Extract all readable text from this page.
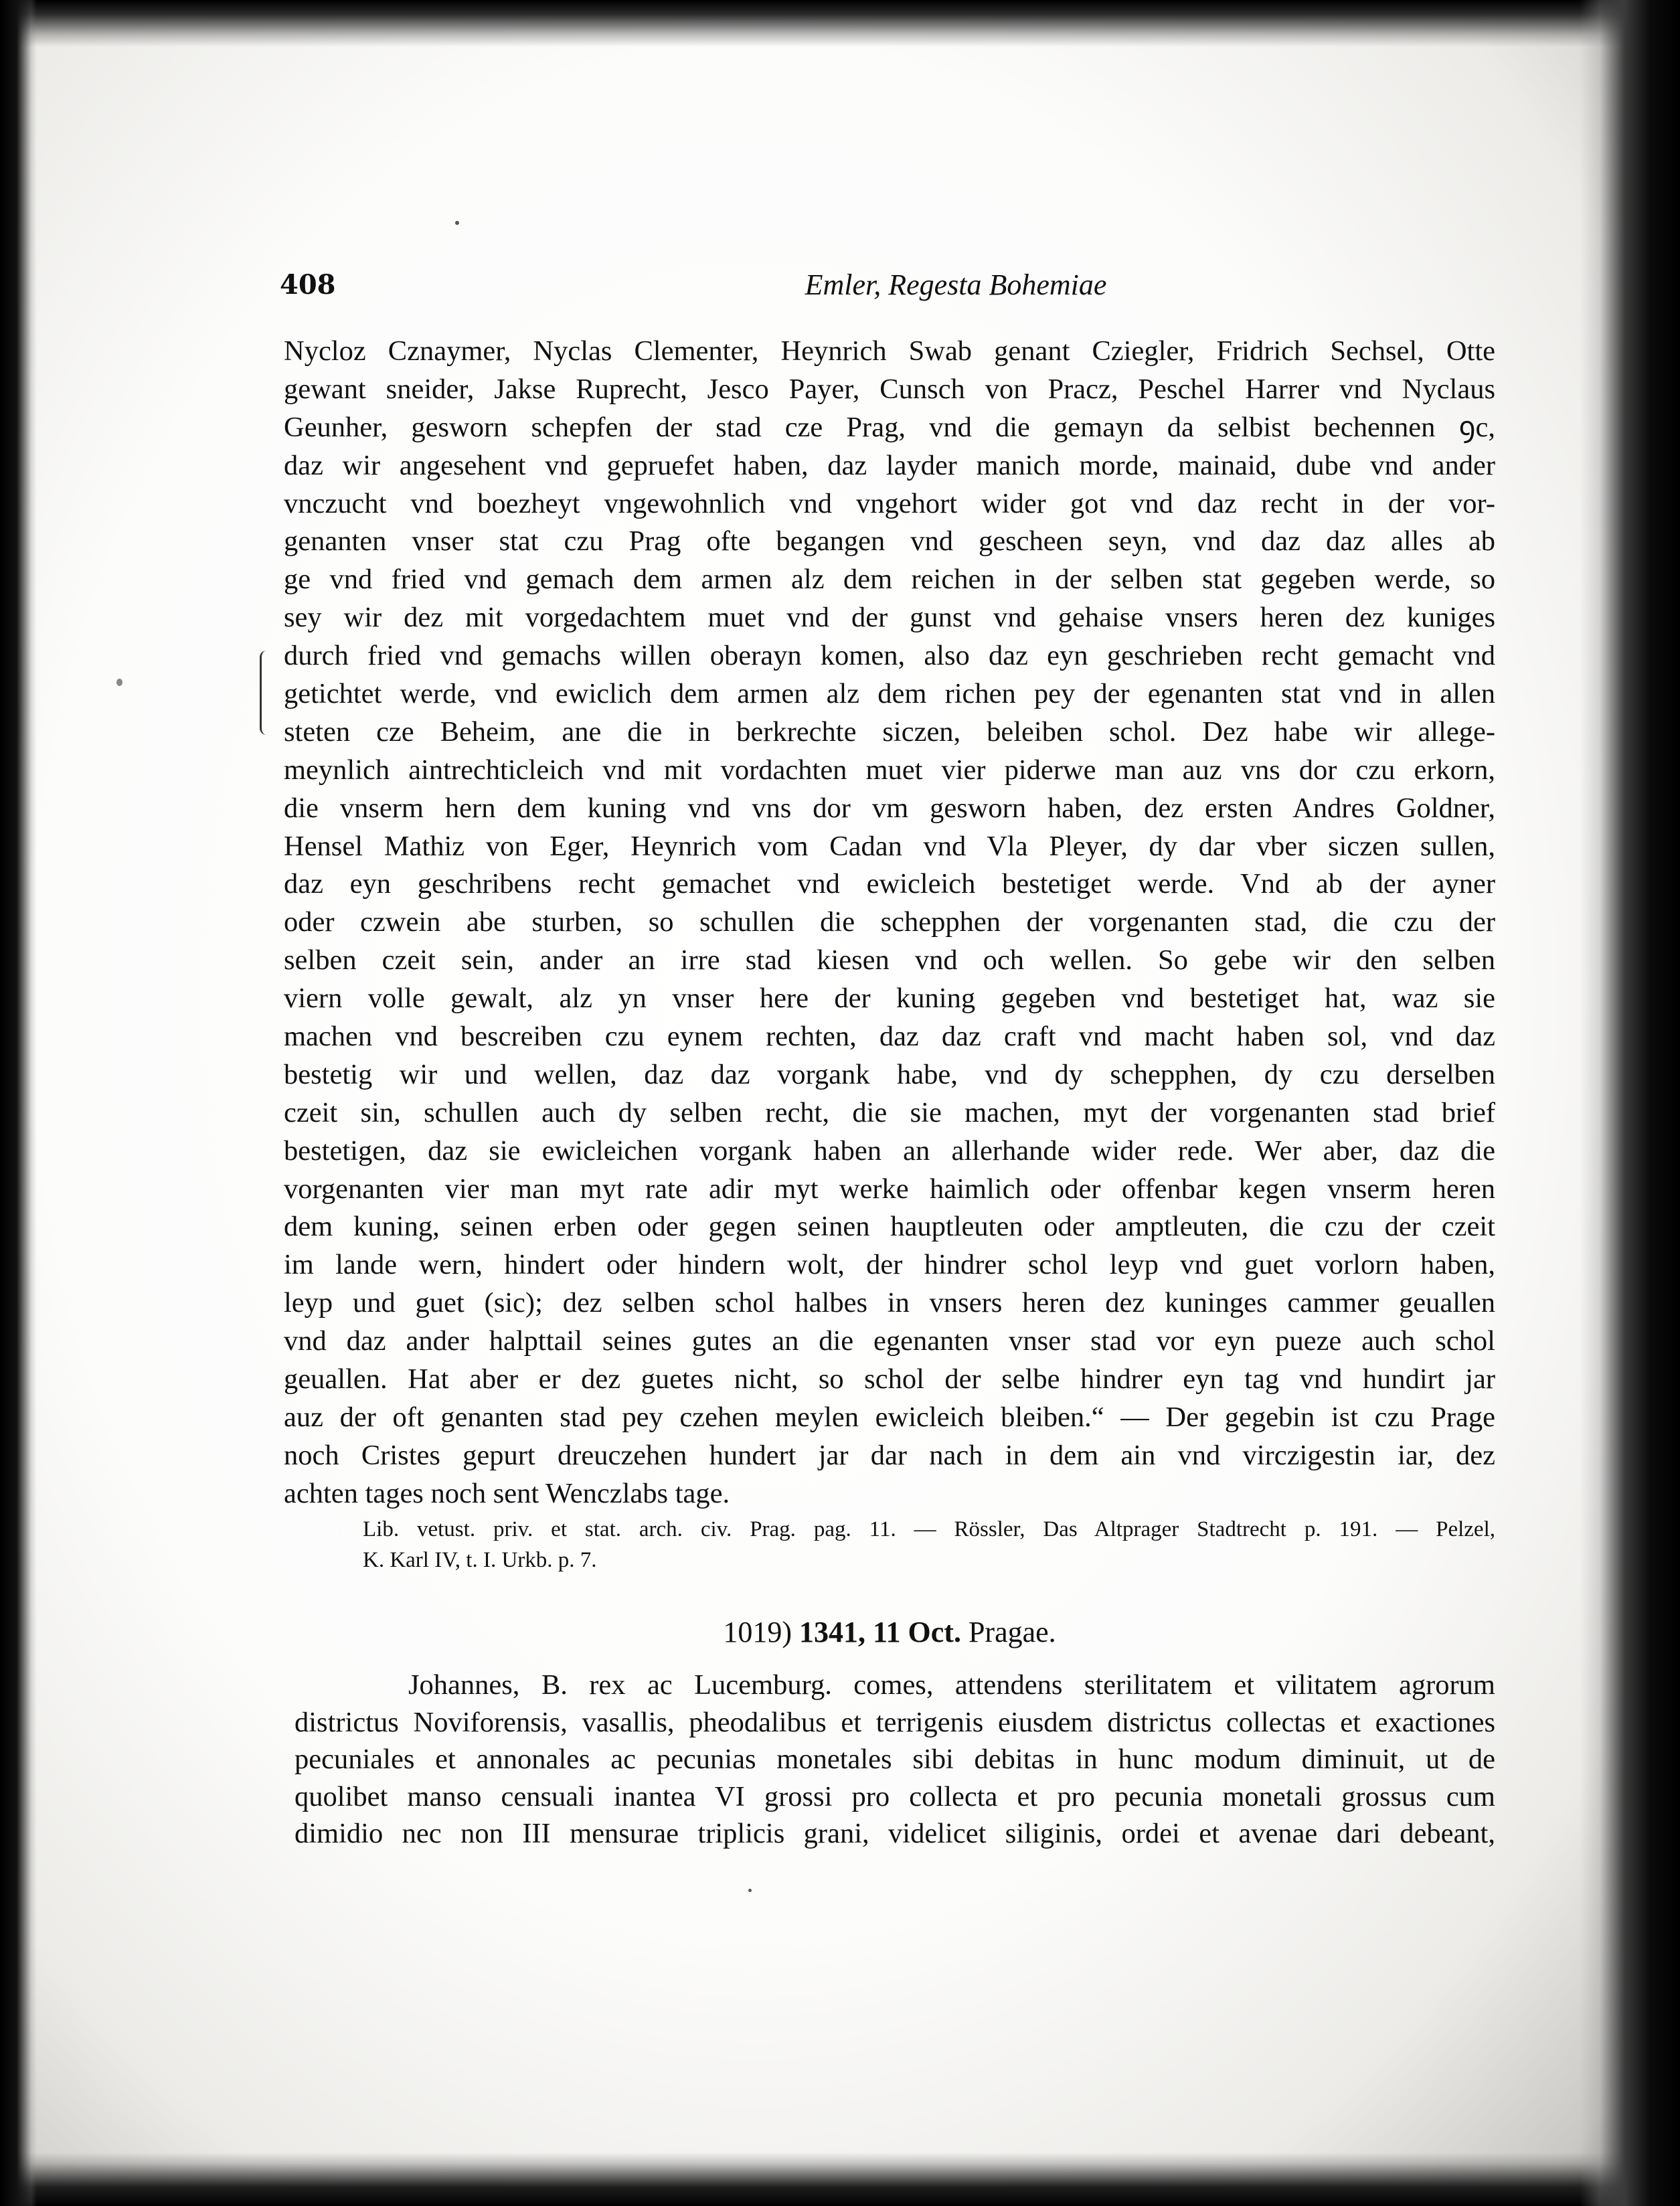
408	Emler, Regesta Bohemiae
Nycloz Cznaymer, Nyclas Clementer, Heynrich Swab genant Cziegler, Fridrich Sechsel, Otte
gewant sneider, Jakse Ruprecht, Jesco Payer, Cunsch von Pracz, Peschel Harrer vnd Nyclaus
Geunher, gesworn schepfen der stad cze Prag, vnd die gemayn da selbist bechennen ꝯc,
daz wir angesehent vnd gepruefet haben, daz layder manich morde, mainaid, dube vnd ander
vnczucht vnd boezheyt vngewohnlich vnd vngehort wider got vnd daz recht in der vor-
genanten vnser stat czu Prag ofte begangen vnd gescheen seyn, vnd daz daz alles ab
ge vnd fried vnd gemach dem armen alz dem reichen in der selben stat gegeben werde, so
sey wir dez mit vorgedachtem muet vnd der gunst vnd gehaise vnsers heren dez kuniges
durch fried vnd gemachs willen oberayn komen, also daz eyn geschrieben recht gemacht vnd
getichtet werde, vnd ewiclich dem armen alz dem richen pey der egenanten stat vnd in allen
steten cze Beheim, ane die in berkrechte siczen, beleiben schol. Dez habe wir allege-
meynlich aintrechticleich vnd mit vordachten muet vier piderwe man auz vns dor czu erkorn,
die vnserm hern dem kuning vnd vns dor vm gesworn haben, dez ersten Andres Goldner,
Hensel Mathiz von Eger, Heynrich vom Cadan vnd Vla Pleyer, dy dar vber siczen sullen,
daz eyn geschribens recht gemachet vnd ewicleich bestetiget werde. Vnd ab der ayner
oder czwein abe sturben, so schullen die schepphen der vorgenanten stad, die czu der
selben czeit sein, ander an irre stad kiesen vnd och wellen. So gebe wir den selben
viern volle gewalt, alz yn vnser here der kuning gegeben vnd bestetiget hat, waz sie
machen vnd bescreiben czu eynem rechten, daz daz craft vnd macht haben sol, vnd daz
bestetig wir und wellen, daz daz vorgank habe, vnd dy schepphen, dy czu derselben
czeit sin, schullen auch dy selben recht, die sie machen, myt der vorgenanten stad brief
bestetigen, daz sie ewicleichen vorgank haben an allerhande wider rede. Wer aber, daz die
vorgenanten vier man myt rate adir myt werke haimlich oder offenbar kegen vnserm heren
dem kuning, seinen erben oder gegen seinen hauptleuten oder amptleuten, die czu der czeit
im lande wern, hindert oder hindern wolt, der hindrer schol leyp vnd guet vorlorn haben,
leyp und guet (sic); dez selben schol halbes in vnsers heren dez kuninges cammer geuallen
vnd daz ander halpttail seines gutes an die egenanten vnser stad vor eyn pueze auch schol
geuallen. Hat aber er dez guetes nicht, so schol der selbe hindrer eyn tag vnd hundirt jar
auz der oft genanten stad pey czehen meylen ewicleich bleiben.“ — Der gegebin ist czu Prage
noch Cristes gepurt dreuczehen hundert jar dar nach in dem ain vnd virczigestin iar, dez
achten tages noch sent Wenczlabs tage.
Lib. vetust. priv. et stat. arch. civ. Prag. pag. 11. — Rössler, Das Altprager Stadtrecht p. 191. — Pelzel,
K. Karl IV, t. I. Urkb. p. 7.
1019) 1341, 11 Oct. Pragae.
Johannes, B. rex ac Lucemburg. comes, attendens sterilitatem et vilitatem agrorum
districtus Noviforensis, vasallis, pheodalibus et terrigenis eiusdem districtus collectas et exactiones
pecuniales et annonales ac pecunias monetales sibi debitas in hunc modum diminuit, ut de
quolibet manso censuali inantea VI grossi pro collecta et pro pecunia monetali grossus cum
dimidio nec non III mensurae triplicis grani, videlicet siliginis, ordei et avenae dari debeant,
